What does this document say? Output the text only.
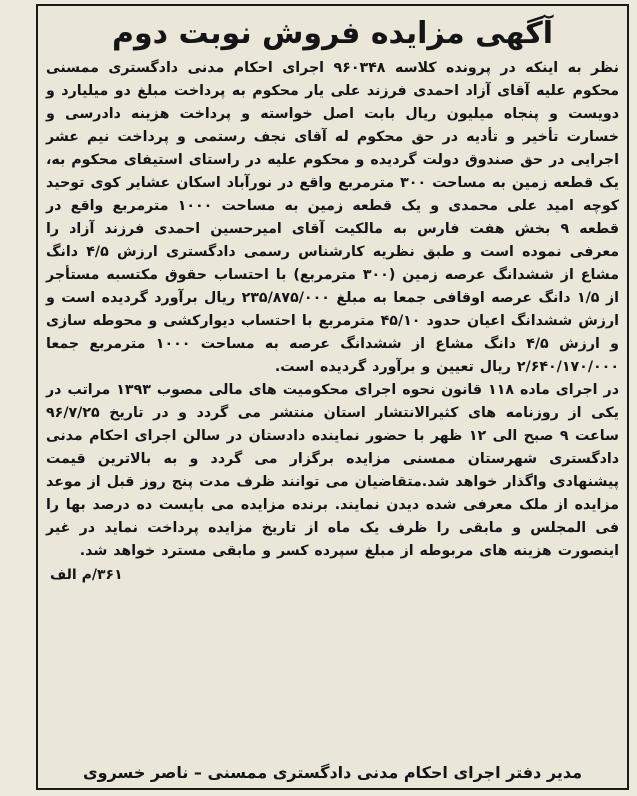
آگهی مزایده فروش نوبت دوم

نظر به اینکه در پرونده کلاسه ۹۶۰۳۴۸ اجرای احکام مدنی دادگستری ممسنی محکوم علیه آقای آزاد احمدی فرزند علی یار محکوم به پرداخت مبلغ دو میلیارد و دویست و پنجاه میلیون ریال بابت اصل خواسته و پرداخت هزینه دادرسی و خسارت تأخیر و تأدیه در حق محکوم له آقای نجف رستمی و پرداخت نیم عشر اجرایی در حق صندوق دولت گردیده و محکوم علیه در راستای استیفای محکوم به، یک قطعه زمین به مساحت ۳۰۰ مترمربع واقع در نورآباد اسکان عشایر کوی توحید کوچه امید علی محمدی و یک قطعه زمین به مساحت ۱۰۰۰ مترمربع واقع در قطعه ۹ بخش هفت فارس به مالکیت آقای امیرحسین احمدی فرزند آزاد را معرفی نموده است و طبق نظریه کارشناس رسمی دادگستری ارزش ۴/۵ دانگ مشاع از ششدانگ عرصه زمین (۳۰۰ مترمربع) با احتساب حقوق مکتسبه مستأجر از ۱/۵ دانگ عرصه اوقافی جمعا به مبلغ ۲۳۵/۸۷۵/۰۰۰ ریال برآورد گردیده است و ارزش ششدانگ اعیان حدود ۴۵/۱۰ مترمربع با احتساب دیوارکشی و محوطه سازی و ارزش ۴/۵ دانگ مشاع از ششدانگ عرصه به مساحت ۱۰۰۰ مترمربع جمعا ۲/۶۴۰/۱۷۰/۰۰۰ ریال تعیین و برآورد گردیده است.

در اجرای ماده ۱۱۸ قانون نحوه اجرای محکومیت های مالی مصوب ۱۳۹۳ مراتب در یکی از روزنامه های کثیرالانتشار استان منتشر می گردد و در تاریخ ۹۶/۷/۲۵ ساعت ۹ صبح الی ۱۲ ظهر با حضور نماینده دادستان در سالن اجرای احکام مدنی دادگستری شهرستان ممسنی مزایده برگزار می گردد و به بالاترین قیمت پیشنهادی واگذار خواهد شد.متقاضیان می توانند ظرف مدت پنج روز قبل از موعد مزایده از ملک معرفی شده دیدن نمایند. برنده مزایده می بایست ده درصد بها را فی المجلس و مابقی را ظرف یک ماه از تاریخ مزایده پرداخت نماید در غیر اینصورت هزینه های مربوطه از مبلغ سپرده کسر و مابقی مسترد خواهد شد.

۳۶۱/م الف
مدیر دفتر اجرای احکام مدنی دادگستری ممسنی – ناصر خسروی
